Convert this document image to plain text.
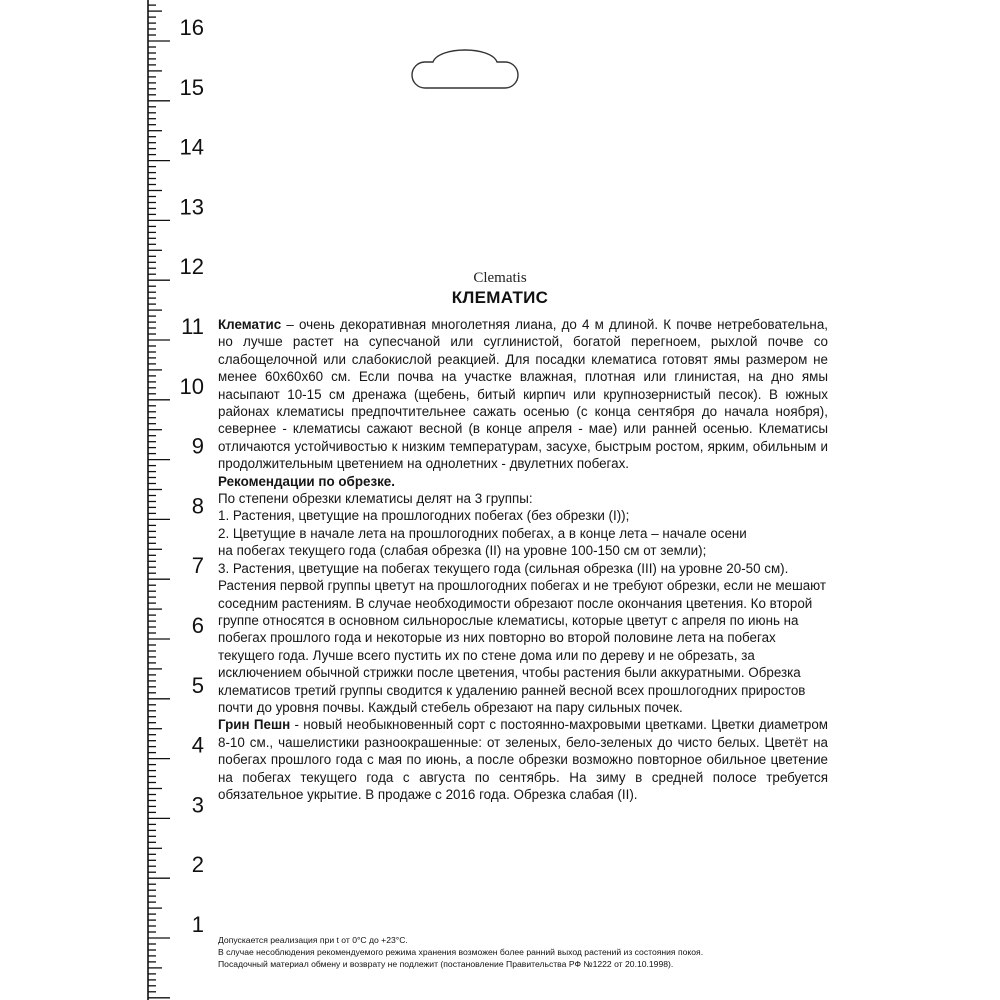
16
15
14
13
12
11
10
9
8
7
6
5
4
3
2
1
Clematis
КЛЕМАТИС

Клематис – очень декоративная многолетняя лиана, до 4 м длиной. К почве нетребовательна, но лучше растет на супесчаной или суглинистой, богатой перегноем, рыхлой почве со слабощелочной или слабокислой реакцией. Для посадки клематиса готовят ямы размером не менее 60х60х60 см. Если почва на участке влажная, плотная или глинистая, на дно ямы насыпают 10-15 см дренажа (щебень, битый кирпич или крупнозернистый песок). В южных районах клематисы предпочтительнее сажать осенью (с конца сентября до начала ноября), севернее - клематисы сажают весной (в конце апреля - мае) или ранней осенью. Клематисы отличаются устойчивостью к низким температурам, засухе, быстрым ростом, ярким, обильным и продолжительным цветением на однолетних - двулетних побегах.

Рекомендации по обрезке.

По степени обрезки клематисы делят на 3 группы:

1. Растения, цветущие на прошлогодних побегах (без обрезки (I));

2. Цветущие в начале лета на прошлогодних побегах, а в конце лета – начале осени

на побегах текущего года (слабая обрезка (II) на уровне 100-150 см от земли);

3. Растения, цветущие на побегах текущего года (сильная обрезка (III) на уровне 20-50 см).

Растения первой группы цветут на прошлогодних побегах и не требуют обрезки, если не мешают соседним растениям. В случае необходимости обрезают после окончания цветения. Ко второй группе относятся в основном сильнорослые клематисы, которые цветут с апреля по июнь на побегах прошлого года и некоторые из них повторно во второй половине лета на побегах текущего года. Лучше всего пустить их по стене дома или по дереву и не обрезать, за исключением обычной стрижки после цветения, чтобы растения были аккуратными. Обрезка клематисов третий группы сводится к удалению ранней весной всех прошлогодних приростов почти до уровня почвы. Каждый стебель обрезают на пару сильных почек.

Грин Пешн - новый необыкновенный сорт с постоянно-махровыми цветками. Цветки диаметром 8-10 см., чашелистики разноокрашенные: от зеленых, бело-зеленых до чисто белых. Цветёт на побегах прошлого года с мая по июнь, а после обрезки возможно повторное обильное цветение на побегах текущего года с августа по сентябрь. На зиму в средней полосе требуется обязательное укрытие. В продаже с 2016 года. Обрезка слабая (II).

Допускается реализация при t от 0°С до +23°С.

В случае несоблюдения рекомендуемого режима хранения возможен более ранний выход растений из состояния покоя.

Посадочный материал обмену и возврату не подлежит (постановление Правительства РФ №1222 от 20.10.1998).
